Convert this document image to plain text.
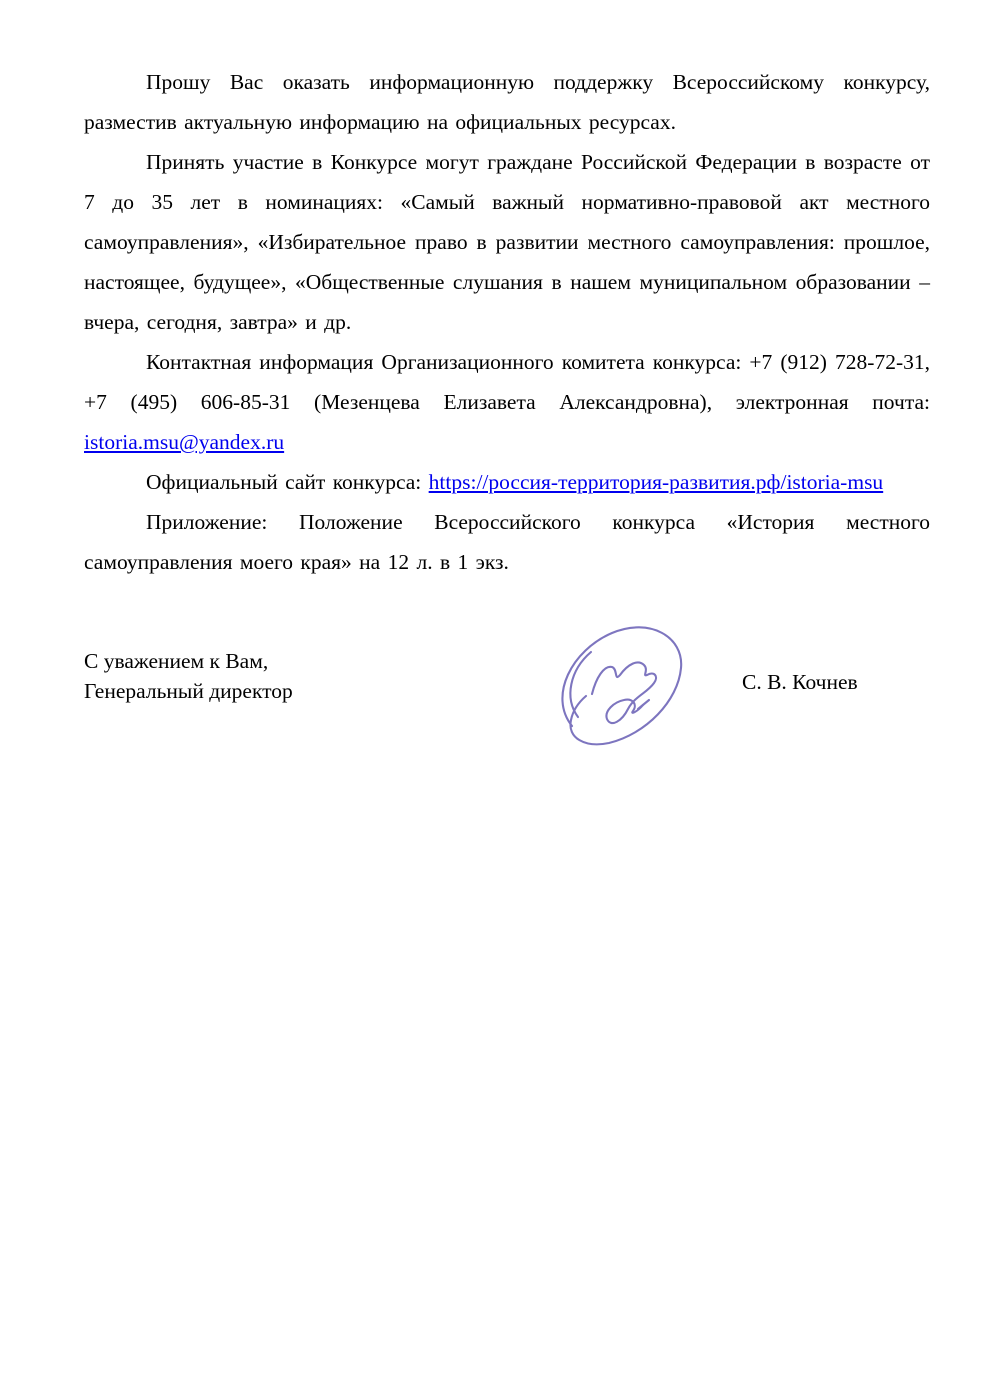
Прошу Вас оказать информационную поддержку Всероссийскому конкурсу, разместив актуальную информацию на официальных ресурсах.

Принять участие в Конкурсе могут граждане Российской Федерации в возрасте от 7 до 35 лет в номинациях: «Самый важный нормативно-правовой акт местного самоуправления», «Избирательное право в развитии местного самоуправления: прошлое, настоящее, будущее», «Общественные слушания в нашем муниципальном образовании – вчера, сегодня, завтра» и др.

Контактная информация Организационного комитета конкурса: +7 (912) 728-72-31, +7 (495) 606-85-31 (Мезенцева Елизавета Александровна), электронная почта: istoria.msu@yandex.ru

Официальный сайт конкурса: https://россия-территория-развития.рф/istoria-msu

Приложение: Положение Всероссийского конкурса «История местного самоуправления моего края» на 12 л. в 1 экз.

С уважением к Вам,
Генеральный директор	С. В. Кочнев
